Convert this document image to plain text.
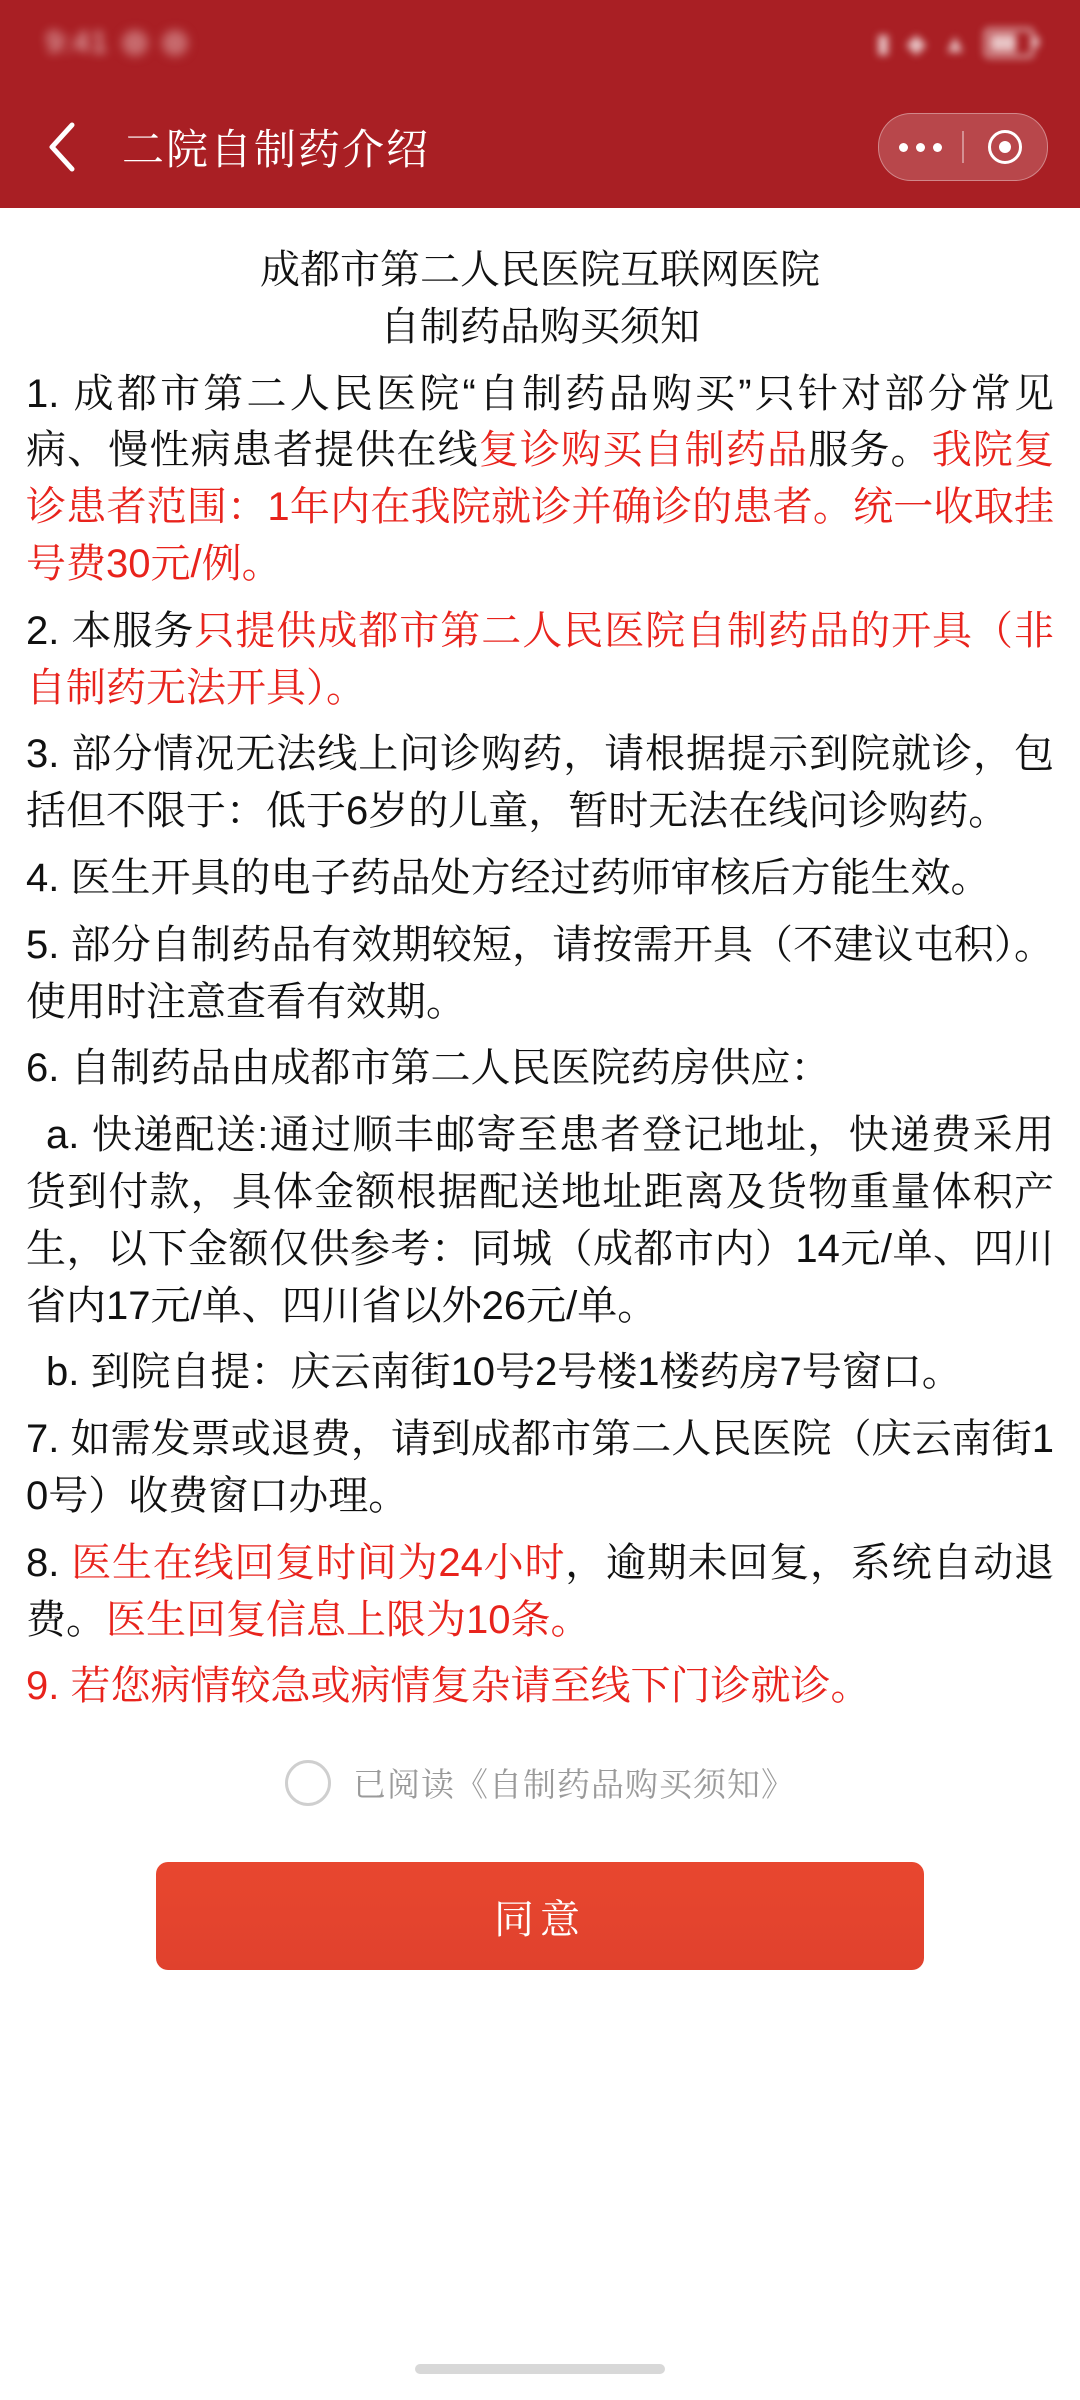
9:41	▮ ◆ ▲
二院自制药介绍
成都市第二人民医院互联网医院
自制药品购买须知
1. 成都市第二人民医院“自制药品购买”只针对部分常见病、慢性病患者提供在线复诊购买自制药品服务。我院复诊患者范围：1年内在我院就诊并确诊的患者。统一收取挂号费30元/例。
2. 本服务只提供成都市第二人民医院自制药品的开具（非自制药无法开具）。
3. 部分情况无法线上问诊购药，请根据提示到院就诊，包括但不限于：低于6岁的儿童，暂时无法在线问诊购药。
4. 医生开具的电子药品处方经过药师审核后方能生效。
5. 部分自制药品有效期较短，请按需开具（不建议屯积）。使用时注意查看有效期。
6. 自制药品由成都市第二人民医院药房供应：
a. 快递配送:通过顺丰邮寄至患者登记地址，快递费采用货到付款，具体金额根据配送地址距离及货物重量体积产生，以下金额仅供参考：同城（成都市内）14元/单、四川省内17元/单、四川省以外26元/单。
b. 到院自提：庆云南街10号2号楼1楼药房7号窗口。
7. 如需发票或退费，请到成都市第二人民医院（庆云南街10号）收费窗口办理。
8. 医生在线回复时间为24小时，逾期未回复，系统自动退费。医生回复信息上限为10条。
9. 若您病情较急或病情复杂请至线下门诊就诊。
已阅读《自制药品购买须知》
同意
